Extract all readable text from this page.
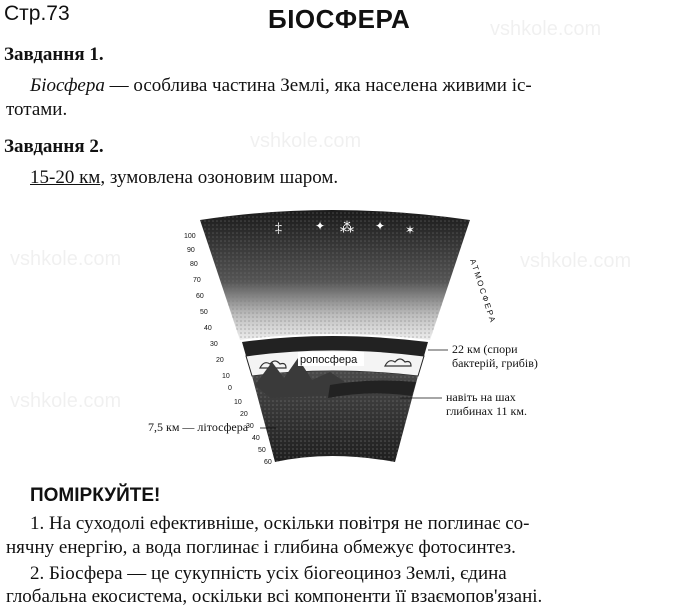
vshkole.com
vshkole.com
vshkole.com
vshkole.com
vshkole.com
Стр.73	БІОСФЕРА
Завдання 1.
Біосфера — особлива частина Землі, яка населена живими іс-
тотами.
Завдання 2.
15-20 км, зумовлена озоновим шаром.
‡	✦ ⁂ ✦ ✶
100
90
80
70
60
50
40
30
20
10
0
10
20
30
40
50
60
ропосфера
АТМОСФЕРА
22 км (спори
бактерій, грибів)
навіть на шах
глибинах 11 км.
7,5 км — літосфера
ПОМІРКУЙТЕ!
1. На суходолі ефективніше, оскільки повітря не поглинає со-
нячну енергію, а вода поглинає і глибина обмежує фотосинтез.
2. Біосфера — це сукупність усіх біогеоциноз Землі, єдина
глобальна екосистема, оскільки всі компоненти її взаємопов'язані.
